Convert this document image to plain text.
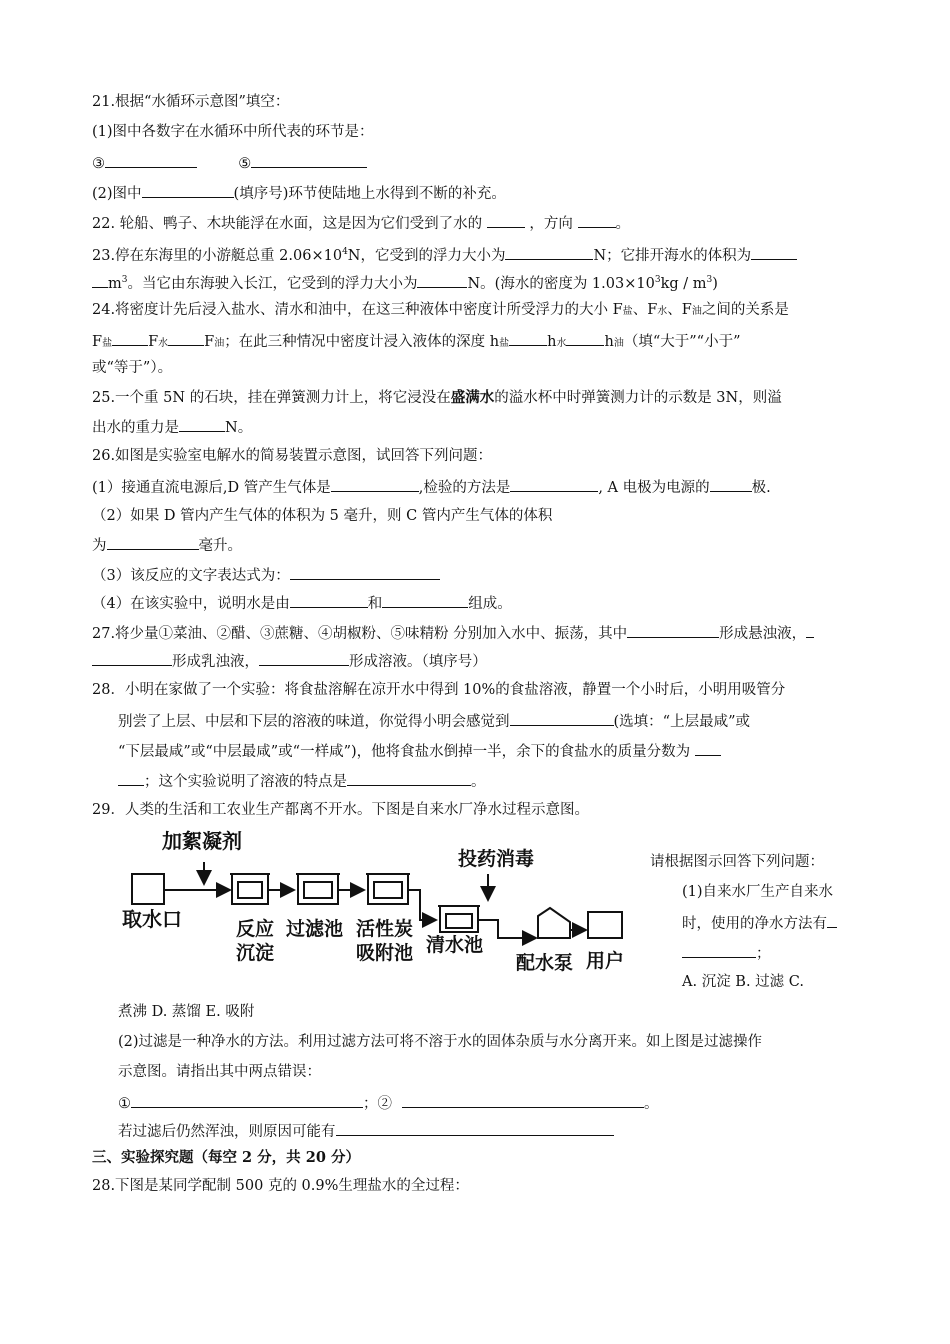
21.根据“水循环示意图”填空：
(1)图中各数字在水循环中所代表的环节是：
③	⑤
(2)图中	(填序号)环节使陆地上水得到不断的补充。
22. 轮船、鸭子、木块能浮在水面，这是因为它们受到了水的	，方向	。
23.停在东海里的小游艇总重 $2.06\times 10^4N$，它受到的浮力大小为	N；它排开海水的体积为
$m^3$。当它由东海驶入长江，它受到的浮力大小为	N。(海水的密度为 $1.03\times 10^3kg / m^3$)
24.将密度计先后浸入盐水、清水和油中，在这三种液体中密度计所受浮力的大小 F盐、F水、F油之间的关系是
F盐 F水 F油；在此三种情况中密度计浸入液体的深度 h盐	h水	h油（填“大于”“小于”
或“等于”）。
25.一个重 5N 的石块，挂在弹簧测力计上，将它浸没在盛满水的溢水杯中时弹簧测力计的示数是 3N，则溢
出水的重力是	N。
26.如图是实验室电解水的简易装置示意图，试回答下列问题：
(1）接通直流电源后,D 管产生气体是	,检验的方法是	, A 电极为电源的	极.
（2）如果 D 管内产生气体的体积为 5 毫升，则 C 管内产生气体的体积
为	毫升。
（3）该反应的文字表达式为：
（4）在该实验中，说明水是由	和	组成。
27.将少量①菜油、②醋、③蔗糖、④胡椒粉、⑤味精粉 分别加入水中、振荡，其中	形成悬浊液，
形成乳浊液，	形成溶液。（填序号）
28．小明在家做了一个实验：将食盐溶解在凉开水中得到 10%的食盐溶液，静置一个小时后，小明用吸管分
别尝了上层、中层和下层的溶液的味道，你觉得小明会感觉到	(选填：“上层最咸”或
“下层最咸”或“中层最咸”或“一样咸”)，他将食盐水倒掉一半，余下的食盐水的质量分数为
；这个实验说明了溶液的特点是	。
29．人类的生活和工农业生产都离不开水。下图是自来水厂净水过程示意图。
加絮凝剂
取水口	反应
沉淀
过滤池 活性炭
吸附池
投药消毒
清水池
配水泵 用户
请根据图示回答下列问题：
(1)自来水厂生产自来水
时，使用的净水方法有
；
A. 沉淀 B. 过滤 C.
煮沸 D. 蒸馏 E. 吸附
(2)过滤是一种净水的方法。利用过滤方法可将不溶于水的固体杂质与水分离开来。如上图是过滤操作
示意图。请指出其中两点错误：
①	；②	。
若过滤后仍然浑浊，则原因可能有
三、实验探究题（每空 2 分，共 20 分）
28.下图是某同学配制 500 克的 0.9%生理盐水的全过程：
